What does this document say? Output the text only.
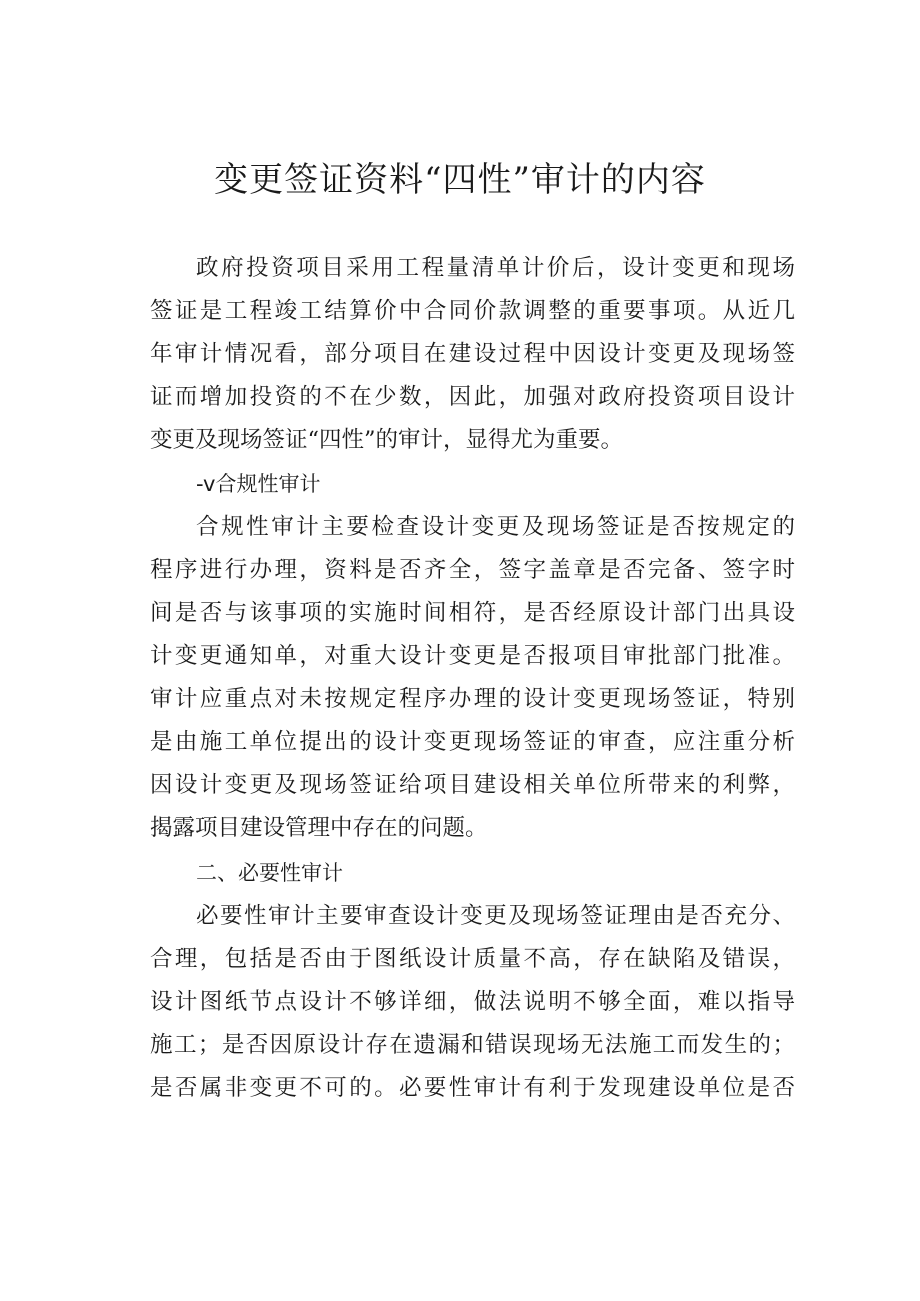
变更签证资料“四性”审计的内容

政府投资项目采用工程量清单计价后，设计变更和现场

签证是工程竣工结算价中合同价款调整的重要事项。从近几

年审计情况看，部分项目在建设过程中因设计变更及现场签

证而增加投资的不在少数，因此，加强对政府投资项目设计

变更及现场签证“四性”的审计，显得尤为重要。

-v合规性审计

合规性审计主要检查设计变更及现场签证是否按规定的

程序进行办理，资料是否齐全，签字盖章是否完备、签字时

间是否与该事项的实施时间相符，是否经原设计部门出具设

计变更通知单，对重大设计变更是否报项目审批部门批准。

审计应重点对未按规定程序办理的设计变更现场签证，特别

是由施工单位提出的设计变更现场签证的审查，应注重分析

因设计变更及现场签证给项目建设相关单位所带来的利弊，

揭露项目建设管理中存在的问题。

二、必要性审计

必要性审计主要审查设计变更及现场签证理由是否充分、

合理，包括是否由于图纸设计质量不高，存在缺陷及错误，

设计图纸节点设计不够详细，做法说明不够全面，难以指导

施工；是否因原设计存在遗漏和错误现场无法施工而发生的；

是否属非变更不可的。必要性审计有利于发现建设单位是否
